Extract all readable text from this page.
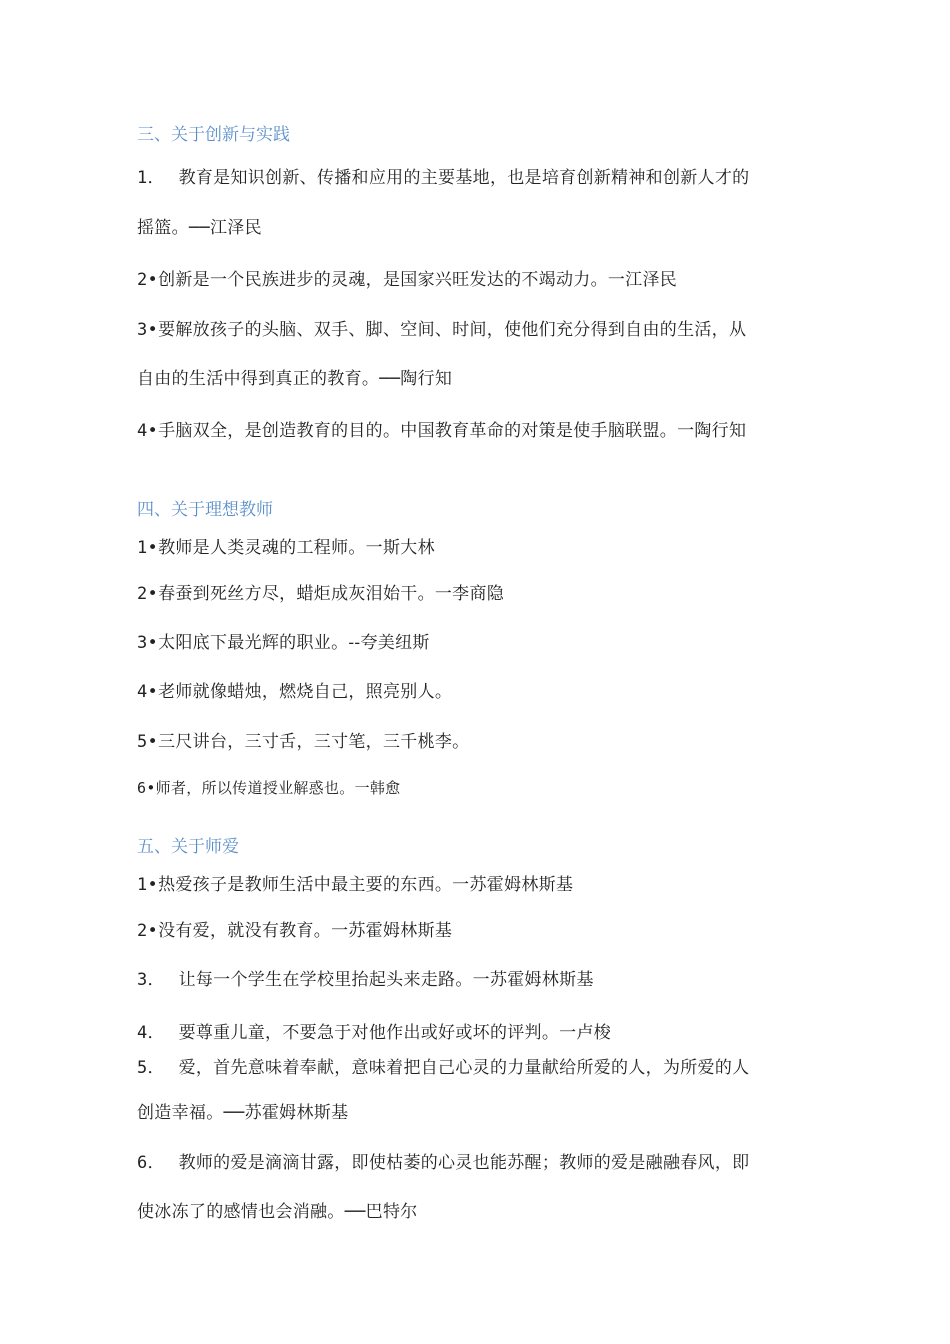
三、关于创新与实践
1． 教育是知识创新、传播和应用的主要基地，也是培育创新精神和创新人才的
摇篮。──江泽民
2•创新是一个民族进步的灵魂，是国家兴旺发达的不竭动力。一江泽民
3•要解放孩子的头脑、双手、脚、空间、时间，使他们充分得到自由的生活，从
自由的生活中得到真正的教育。──陶行知
4•手脑双全，是创造教育的目的。中国教育革命的对策是使手脑联盟。一陶行知
四、关于理想教师
1•教师是人类灵魂的工程师。一斯大林
2•春蚕到死丝方尽，蜡炬成灰泪始干。一李商隐
3•太阳底下最光辉的职业。--夸美纽斯
4•老师就像蜡烛，燃烧自己，照亮别人。
5•三尺讲台，三寸舌，三寸笔，三千桃李。
6•师者，所以传道授业解惑也。一韩愈
五、关于师爱
1•热爱孩子是教师生活中最主要的东西。一苏霍姆林斯基
2•没有爱，就没有教育。一苏霍姆林斯基
3． 让每一个学生在学校里抬起头来走路。一苏霍姆林斯基
4． 要尊重儿童，不要急于对他作出或好或坏的评判。一卢梭
5． 爱，首先意味着奉献，意味着把自己心灵的力量献给所爱的人，为所爱的人
创造幸福。──苏霍姆林斯基
6． 教师的爱是滴滴甘露，即使枯萎的心灵也能苏醒；教师的爱是融融春风，即
使冰冻了的感情也会消融。──巴特尔
